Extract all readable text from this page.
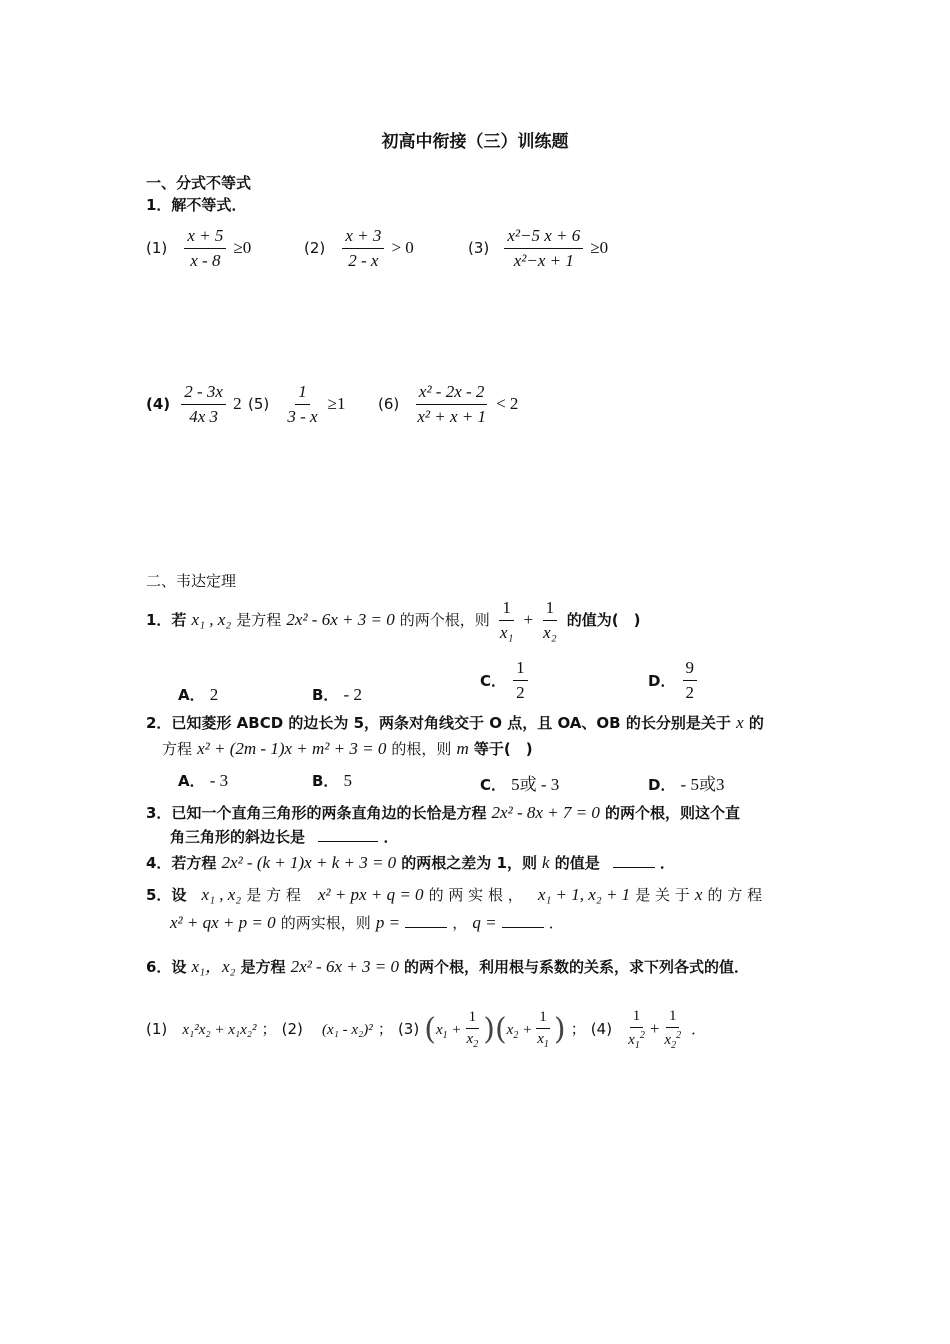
初高中衔接（三）训练题
一、分式不等式
1．解不等式．
$(1) \frac{x + 5}{x - 8} \ge 0$	$(2) \frac{x + 3}{2 - x} > 0$	$(3) \frac{\text{x²−5 x + 6}}{\text{x²−x + 1}} \ge 0$
$(4) \frac{2 - 3x}{4x 3} 2$ $(5) \frac{1}{3 - x} \ge 1$ $(6) \frac{\text{x² - 2x - 2}}{\text{x² + x + 1}} < 2$
二、韦达定理
1．若 x₁ , x₂ 是方程 2x² - 6x + 3 = 0 的两个根，则 $\frac{1}{\text{x₁}} + \frac{1}{\text{x₂}}$ 的值为(　)
A． 2	B． - 2
C． $\frac{1}{2}$	D． $\frac{9}{2}$
2．已知菱形 ABCD 的边长为 5，两条对角线交于 O 点，且 OA、OB 的长分别是关于 x 的
方程 x² + (2m - 1)x + m² + 3 = 0 的根，则 m 等于(　)
A． - 3	B． 5	C． 5或 - 3	D． - 5或3
3．已知一个直角三角形的两条直角边的长恰是方程 2x² - 8x + 7 = 0 的两个根，则这个直
角三角形的斜边长是	．
4．若方程 2x² - (k + 1)x + k + 3 = 0 的两根之差为 1，则 k 的值是	．
5．设 x₁ , x₂ 是 方 程 x² + px + q = 0 的 两 实 根 ， x₁ + 1, x₂ + 1 是 关 于 x 的 方 程
x² + qx + p = 0 的两实根，则 p =	， q =	．
6．设 x₁，x₂ 是方程 2x² - 6x + 3 = 0 的两个根，利用根与系数的关系，求下列各式的值．
(1) x₁²x₂ + x₁x₂² ； (2) (x₁ - x₂)² ； (3) $(x_1 + \frac{1}{x_2} )(x_2 + \frac{1}{x_1}$ ) ； $(4) \frac{1}{x_1^2} + \frac{1}{x_2^2}$ ．
